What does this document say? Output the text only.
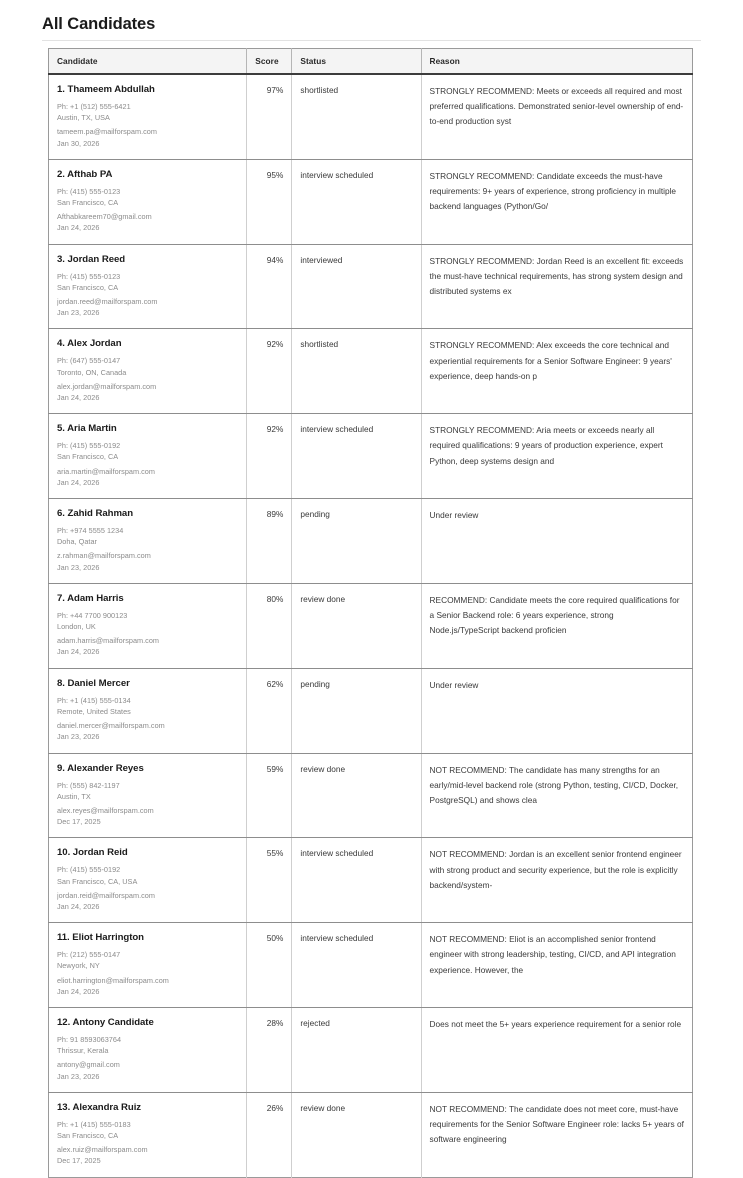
All Candidates
Candidate	Score	Status	Reason

1. Thameem Abdullah
Ph: +1 (512) 555-6421
Austin, TX, USA
tameem.pa@mailforspam.com
Jan 30, 2026	97%	shortlisted	STRONGLY RECOMMEND: Meets or exceeds all required and most preferred qualifications. Demonstrated senior-level ownership of end-to-end production syst

2. Afthab PA
Ph: (415) 555-0123
San Francisco, CA
Afthabkareem70@gmail.com
Jan 24, 2026	95%	interview scheduled	STRONGLY RECOMMEND: Candidate exceeds the must-have requirements: 9+ years of experience, strong proficiency in multiple backend languages (Python/Go/

3. Jordan Reed
Ph: (415) 555-0123
San Francisco, CA
jordan.reed@mailforspam.com
Jan 23, 2026	94%	interviewed	STRONGLY RECOMMEND: Jordan Reed is an excellent fit: exceeds the must-have technical requirements, has strong system design and distributed systems ex

4. Alex Jordan
Ph: (647) 555-0147
Toronto, ON, Canada
alex.jordan@mailforspam.com
Jan 24, 2026	92%	shortlisted	STRONGLY RECOMMEND: Alex exceeds the core technical and experiential requirements for a Senior Software Engineer: 9 years' experience, deep hands-on p

5. Aria Martin
Ph: (415) 555-0192
San Francisco, CA
aria.martin@mailforspam.com
Jan 24, 2026	92%	interview scheduled	STRONGLY RECOMMEND: Aria meets or exceeds nearly all required qualifications: 9 years of production experience, expert Python, deep systems design and

6. Zahid Rahman
Ph: +974 5555 1234
Doha, Qatar
z.rahman@mailforspam.com
Jan 23, 2026	89%	pending	Under review

7. Adam Harris
Ph: +44 7700 900123
London, UK
adam.harris@mailforspam.com
Jan 24, 2026	80%	review done	RECOMMEND: Candidate meets the core required qualifications for a Senior Backend role: 6 years experience, strong Node.js/TypeScript backend proficien

8. Daniel Mercer
Ph: +1 (415) 555-0134
Remote, United States
daniel.mercer@mailforspam.com
Jan 23, 2026	62%	pending	Under review

9. Alexander Reyes
Ph: (555) 842-1197
Austin, TX
alex.reyes@mailforspam.com
Dec 17, 2025	59%	review done	NOT RECOMMEND: The candidate has many strengths for an early/mid-level backend role (strong Python, testing, CI/CD, Docker, PostgreSQL) and shows clea

10. Jordan Reid
Ph: (415) 555-0192
San Francisco, CA, USA
jordan.reid@mailforspam.com
Jan 24, 2026	55%	interview scheduled	NOT RECOMMEND: Jordan is an excellent senior frontend engineer with strong product and security experience, but the role is explicitly backend/system-

11. Eliot Harrington
Ph: (212) 555-0147
Newyork, NY
eliot.harrington@mailforspam.com
Jan 24, 2026	50%	interview scheduled	NOT RECOMMEND: Eliot is an accomplished senior frontend engineer with strong leadership, testing, CI/CD, and API integration experience. However, the

12. Antony Candidate
Ph: 91 8593063764
Thrissur, Kerala
antony@gmail.com
Jan 23, 2026	28%	rejected	Does not meet the 5+ years experience requirement for a senior role

13. Alexandra Ruiz
Ph: +1 (415) 555-0183
San Francisco, CA
alex.ruiz@mailforspam.com
Dec 17, 2025	26%	review done	NOT RECOMMEND: The candidate does not meet core, must-have requirements for the Senior Software Engineer role: lacks 5+ years of software engineering
